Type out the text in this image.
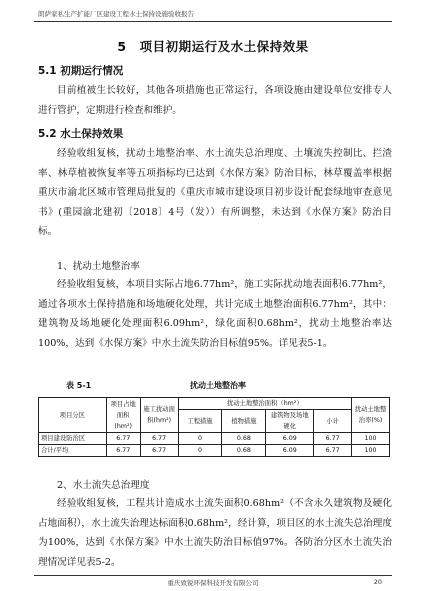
朗萨家私生产扩能厂区建设工程水土保持设施验收报告
5　项目初期运行及水土保持效果
5.1 初期运行情况

目前植被生长较好，其他各项措施也正常运行，各项设施由建设单位安排专人进行管护，定期进行检查和维护。

5.2 水土保持效果

经验收组复核，扰动土地整治率、水土流失总治理度、土壤流失控制比、拦渣率、林草植被恢复率等五项指标均已达到《水保方案》防治目标，林草覆盖率根据重庆市渝北区城市管理局批复的《重庆市城市建设项目初步设计配套绿地审查意见书》(重园渝北建初〔2018〕4号（发））有所调整，未达到《水保方案》防治目标。

1、扰动土地整治率

经验收组复核，本项目实际占地6.77hm²，施工实际扰动地表面积6.77hm²，通过各项水土保持措施和场地硬化处理，共计完成土地整治面积6.77hm²，其中：建筑物及场地硬化处理面积6.09hm²，绿化面积0.68hm²，扰动土地整治率达100%，达到《水保方案》中水土流失防治目标值95%。详见表5-1。

表 5-1	扰动土地整治率
项目分区	项目占地面积(hm²)	施工扰动面积(hm²)	扰动土地整治面积（hm²）				扰动土地整治率(%)
			工程措施	植物措施	建筑物及场地硬化	小计	
项目建设防治区	6.77	6.77	0	0.68	6.09	6.77	100
合计/平均	6.77	6.77	0	0.68	6.09	6.77	100
2、水土流失总治理度

经验收组复核，工程共计造成水土流失面积0.68hm²（不含永久建筑物及硬化占地面积），水土流失治理达标面积0.68hm²，经计算，项目区的水土流失总治理度为100%，达到《水保方案》中水土流失防治目标值97%。各防治分区水土流失治理情况详见表5-2。

重庆致锐环保科技开发有限公司	20
